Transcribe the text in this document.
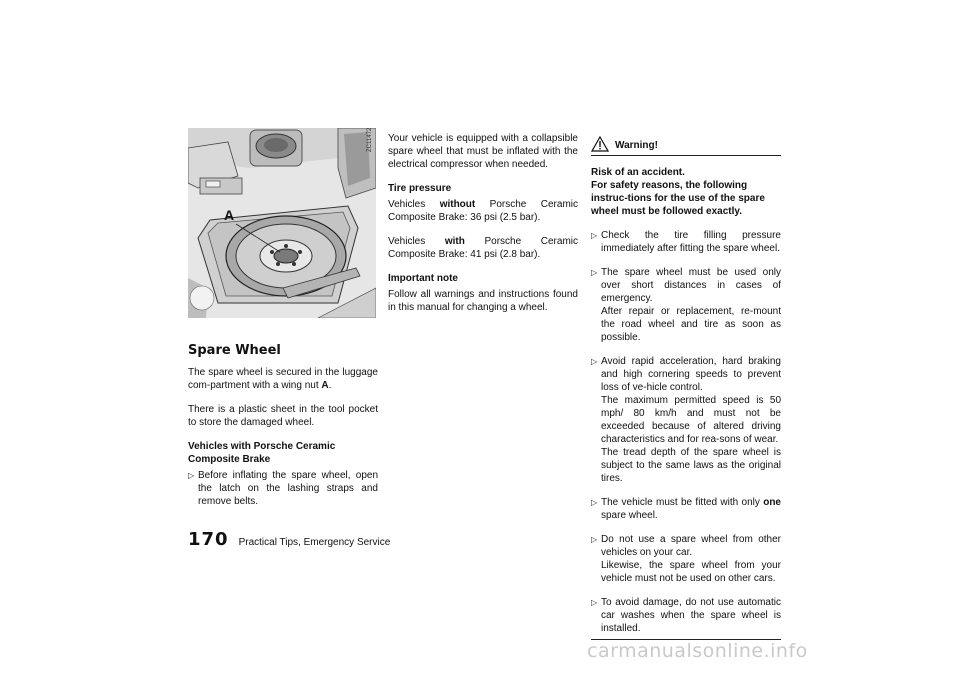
A
ZC11472
Spare Wheel

The spare wheel is secured in the luggage com-partment with a wing nut A.

There is a plastic sheet in the tool pocket to store the damaged wheel.

Vehicles with Porsche Ceramic
Composite Brake
▷ Before inflating the spare wheel, open the latch on the lashing straps and remove belts.

Your vehicle is equipped with a collapsible spare wheel that must be inflated with the electrical compressor when needed.

Tire pressure

Vehicles without Porsche Ceramic Composite Brake: 36 psi (2.5 bar).

Vehicles with Porsche Ceramic Composite Brake: 41 psi (2.8 bar).

Important note

Follow all warnings and instructions found in this manual for changing a wheel.

Warning!

Risk of an accident.
For safety reasons, the following instruc-tions for the use of the spare wheel must be followed exactly.

▷ Check the tire filling pressure immediately after fitting the spare wheel.
▷ The spare wheel must be used only over short distances in cases of emergency.
After repair or replacement, re-mount the road wheel and tire as soon as possible.
▷ Avoid rapid acceleration, hard braking and high cornering speeds to prevent loss of ve-hicle control.
The maximum permitted speed is 50 mph/ 80 km/h and must not be exceeded because of altered driving characteristics and for rea-sons of wear.
The tread depth of the spare wheel is subject to the same laws as the original tires.
▷ The vehicle must be fitted with only one spare wheel.
▷ Do not use a spare wheel from other vehicles on your car.
Likewise, the spare wheel from your vehicle must not be used on other cars.
▷ To avoid damage, do not use automatic car washes when the spare wheel is installed.
170 Practical Tips, Emergency Service
carmanualsonline.info
